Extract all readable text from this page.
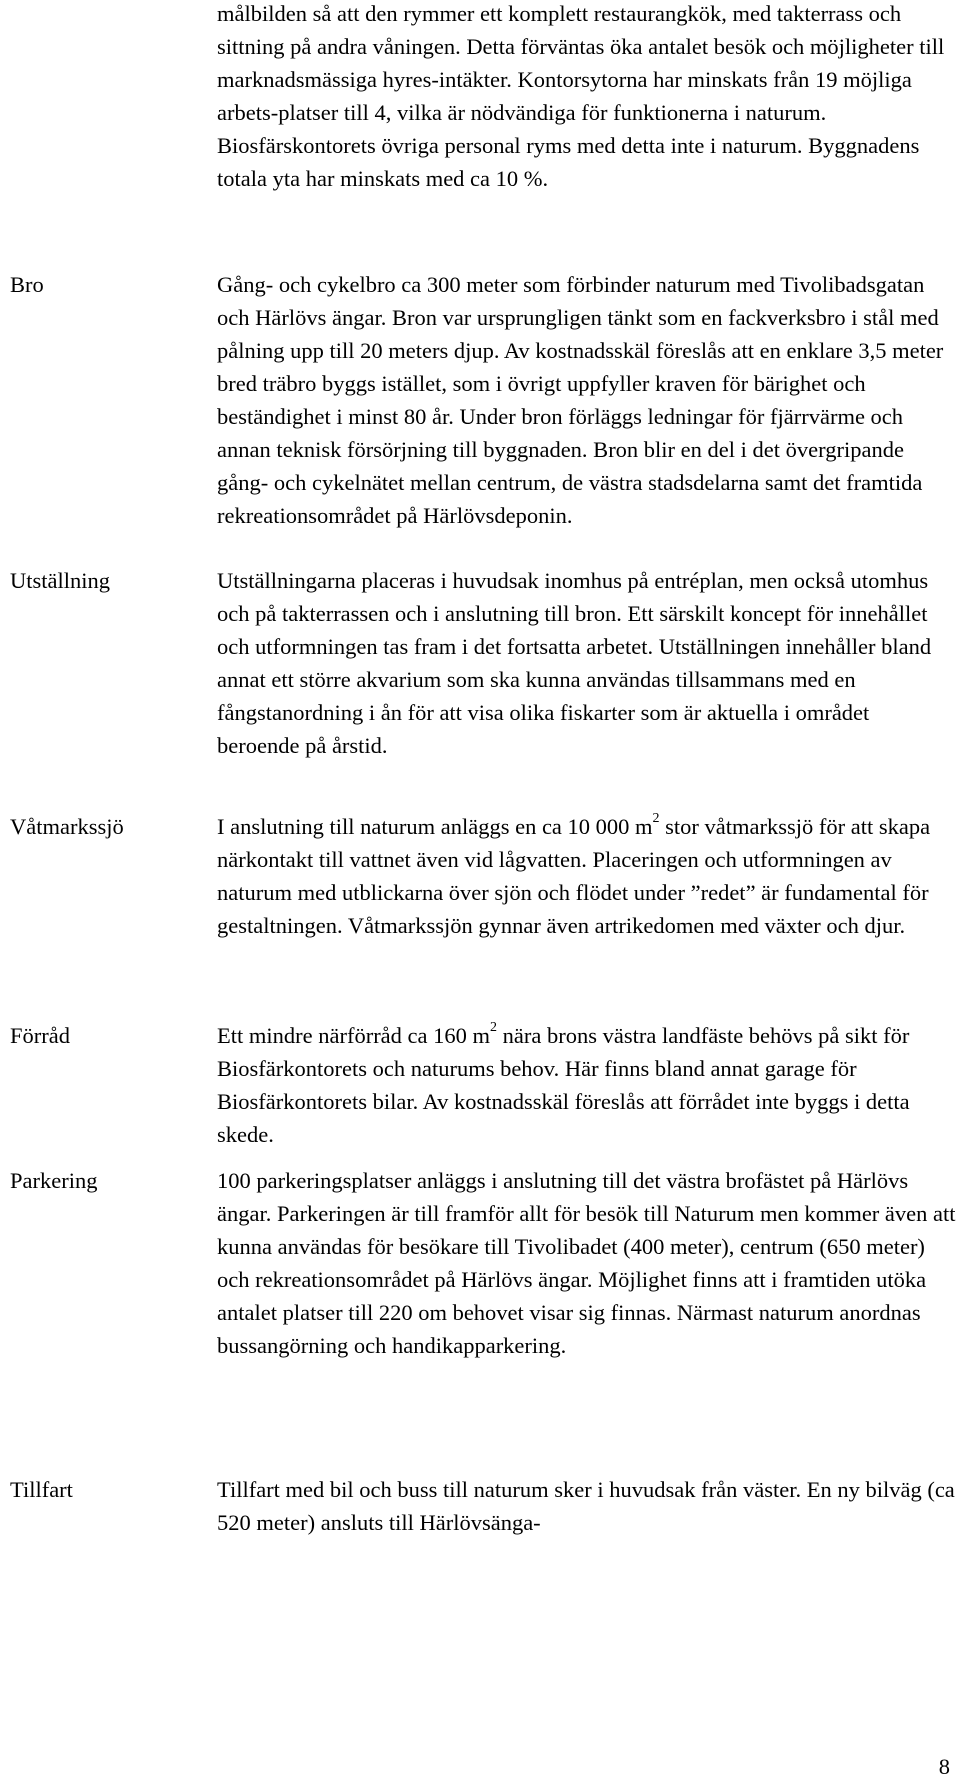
målbilden så att den rymmer ett komplett restaurangkök, med takterrass och sittning på andra våningen. Detta förväntas öka antalet besök och möjligheter till marknadsmässiga hyres-intäkter. Kontorsytorna har minskats från 19 möjliga arbets-platser till 4, vilka är nödvändiga för funktionerna i naturum. Biosfärskontorets övriga personal ryms med detta inte i naturum. Byggnadens totala yta har minskats med ca 10 %.

Bro	Gång- och cykelbro ca 300 meter som förbinder naturum med Tivolibadsgatan och Härlövs ängar. Bron var ursprungligen tänkt som en fackverksbro i stål med pålning upp till 20 meters djup. Av kostnadsskäl föreslås att en enklare 3,5 meter bred träbro byggs istället, som i övrigt uppfyller kraven för bärighet och beständighet i minst 80 år. Under bron förläggs ledningar för fjärrvärme och annan teknisk försörjning till byggnaden. Bron blir en del i det övergripande gång- och cykelnätet mellan centrum, de västra stadsdelarna samt det framtida rekreationsområdet på Härlövsdeponin.

Utställning	Utställningarna placeras i huvudsak inomhus på entréplan, men också utomhus och på takterrassen och i anslutning till bron. Ett särskilt koncept för innehållet och utformningen tas fram i det fortsatta arbetet. Utställningen innehåller bland annat ett större akvarium som ska kunna användas tillsammans med en fångstanordning i ån för att visa olika fiskarter som är aktuella i området beroende på årstid.

Våtmarkssjö	I anslutning till naturum anläggs en ca 10 000 $m^2$ stor våtmarkssjö för att skapa närkontakt till vattnet även vid lågvatten. Placeringen och utformningen av naturum med utblickarna över sjön och flödet under ”redet” är fundamental för gestaltningen. Våtmarkssjön gynnar även artrikedomen med växter och djur.

Förråd	Ett mindre närförråd ca 160 $m^2$ nära brons västra landfäste behövs på sikt för Biosfärkontorets och naturums behov. Här finns bland annat garage för Biosfärkontorets bilar. Av kostnadsskäl föreslås att förrådet inte byggs i detta skede.

Parkering	100 parkeringsplatser anläggs i anslutning till det västra brofästet på Härlövs ängar. Parkeringen är till framför allt för besök till Naturum men kommer även att kunna användas för besökare till Tivolibadet (400 meter), centrum (650 meter) och rekreationsområdet på Härlövs ängar. Möjlighet finns att i framtiden utöka antalet platser till 220 om behovet visar sig finnas. Närmast naturum anordnas bussangörning och handikapparkering.

Tillfart	Tillfart med bil och buss till naturum sker i huvudsak från väster. En ny bilväg (ca 520 meter) ansluts till Härlövsänga-

8
